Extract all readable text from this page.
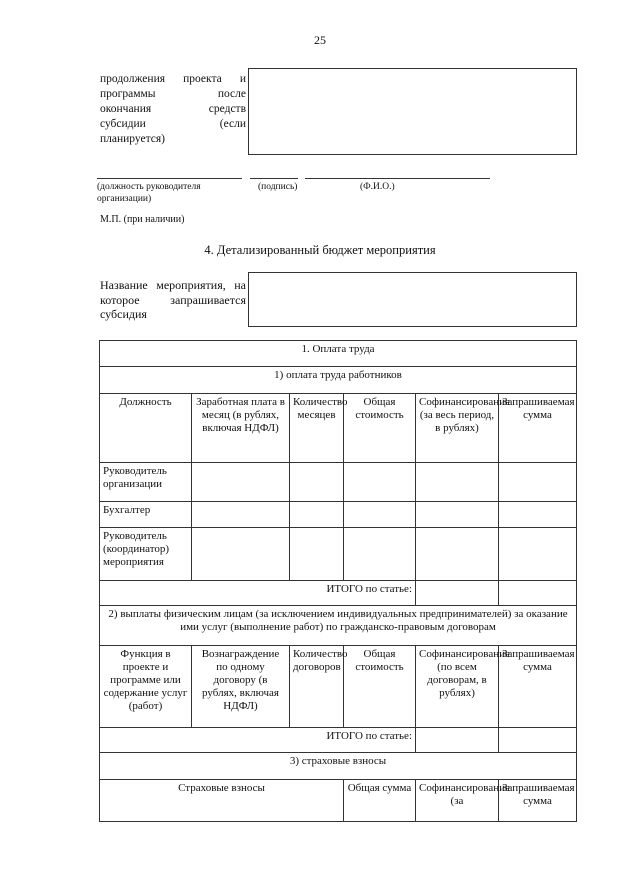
25
продолжения проекта и
программы	после
окончания	средств
субсидии	(если
планируется)
(должность руководителя
организации)
(подпись)	(Ф.И.О.)
М.П. (при наличии)
4. Детализированный бюджет мероприятия
Название мероприятия, на
которое	запрашивается
субсидия
1. Оплата труда					
1) оплата труда работников					
Должность	Заработная плата в месяц (в рублях, включая НДФЛ)	Количество месяцев	Общая стоимость	Софинансирование (за весь период, в рублях)	Запрашиваемая сумма
Руководитель организации					
Бухгалтер					
Руководитель (координатор) мероприятия					
ИТОГО по статье:					
2) выплаты физическим лицам (за исключением индивидуальных предпринимателей) за оказание ими услуг (выполнение работ) по гражданско-правовым договорам					
Функция в проекте и программе или содержание услуг (работ)	Вознаграждение по одному договору (в рублях, включая НДФЛ)	Количество договоров	Общая стоимость	Софинансирование (по всем договорам, в рублях)	Запрашиваемая сумма
ИТОГО по статье:					
3) страховые взносы					
Страховые взносы			Общая сумма	Софинансирование (за	Запрашиваемая сумма
